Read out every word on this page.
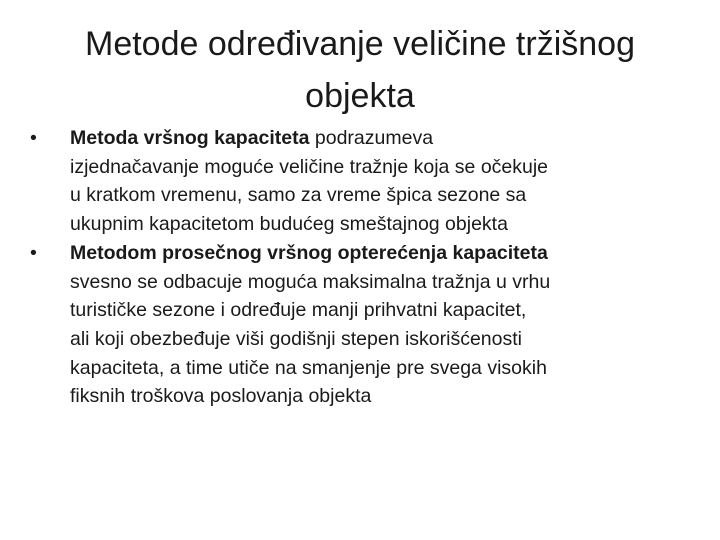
Metode određivanje veličine tržišnog
objekta
•	Metoda vršnog kapaciteta podrazumeva
izjednačavanje moguće veličine tražnje koja se očekuje
u kratkom vremenu, samo za vreme špica sezone sa
ukupnim kapacitetom budućeg smeštajnog objekta
•	Metodom prosečnog vršnog opterećenja kapaciteta
svesno se odbacuje moguća maksimalna tražnja u vrhu
turističke sezone i određuje manji prihvatni kapacitet,
ali koji obezbeđuje viši godišnji stepen iskorišćenosti
kapaciteta, a time utiče na smanjenje pre svega visokih
fiksnih troškova poslovanja objekta
